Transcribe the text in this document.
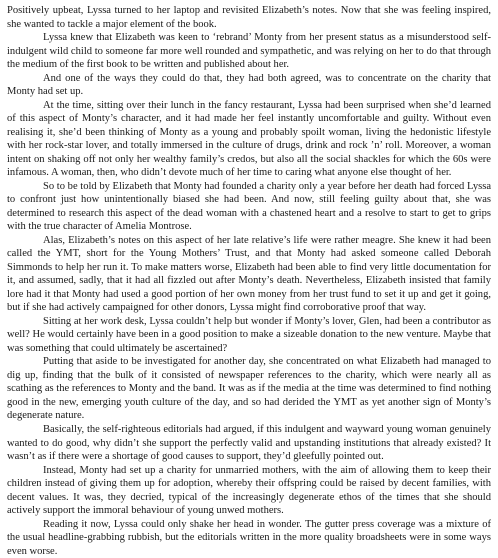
Positively upbeat, Lyssa turned to her laptop and revisited Elizabeth’s notes. Now that she was feeling inspired, she wanted to tackle a major element of the book.

Lyssa knew that Elizabeth was keen to ‘rebrand’ Monty from her present status as a misunderstood self-indulgent wild child to someone far more well rounded and sympathetic, and was relying on her to do that through the medium of the first book to be written and published about her.

And one of the ways they could do that, they had both agreed, was to concentrate on the charity that Monty had set up.

At the time, sitting over their lunch in the fancy restaurant, Lyssa had been surprised when she’d learned of this aspect of Monty’s character, and it had made her feel instantly uncomfortable and guilty. Without even realising it, she’d been thinking of Monty as a young and probably spoilt woman, living the hedonistic lifestyle with her rock-star lover, and totally immersed in the culture of drugs, drink and rock ’n’ roll. Moreover, a woman intent on shaking off not only her wealthy family’s credos, but also all the social shackles for which the 60s were infamous. A woman, then, who didn’t devote much of her time to caring what anyone else thought of her.

So to be told by Elizabeth that Monty had founded a charity only a year before her death had forced Lyssa to confront just how unintentionally biased she had been. And now, still feeling guilty about that, she was determined to research this aspect of the dead woman with a chastened heart and a resolve to start to get to grips with the true character of Amelia Montrose.

Alas, Elizabeth’s notes on this aspect of her late relative’s life were rather meagre. She knew it had been called the YMT, short for the Young Mothers’ Trust, and that Monty had asked someone called Deborah Simmonds to help her run it. To make matters worse, Elizabeth had been able to find very little documentation for it, and assumed, sadly, that it had all fizzled out after Monty’s death. Nevertheless, Elizabeth insisted that family lore had it that Monty had used a good portion of her own money from her trust fund to set it up and get it going, but if she had actively campaigned for other donors, Lyssa might find corroborative proof that way.

Sitting at her work desk, Lyssa couldn’t help but wonder if Monty’s lover, Glen, had been a contributor as well? He would certainly have been in a good position to make a sizeable donation to the new venture. Maybe that was something that could ultimately be ascertained?

Putting that aside to be investigated for another day, she concentrated on what Elizabeth had managed to dig up, finding that the bulk of it consisted of newspaper references to the charity, which were nearly all as scathing as the references to Monty and the band. It was as if the media at the time was determined to find nothing good in the new, emerging youth culture of the day, and so had derided the YMT as yet another sign of Monty’s degenerate nature.

Basically, the self-righteous editorials had argued, if this indulgent and wayward young woman genuinely wanted to do good, why didn’t she support the perfectly valid and upstanding institutions that already existed? It wasn’t as if there were a shortage of good causes to support, they’d gleefully pointed out.

Instead, Monty had set up a charity for unmarried mothers, with the aim of allowing them to keep their children instead of giving them up for adoption, whereby their offspring could be raised by decent families, with decent values. It was, they decried, typical of the increasingly degenerate ethos of the times that she should actively support the immoral behaviour of young unwed mothers.

Reading it now, Lyssa could only shake her head in wonder. The gutter press coverage was a mixture of the usual headline-grabbing rubbish, but the editorials written in the more quality broadsheets were in some ways even worse.
